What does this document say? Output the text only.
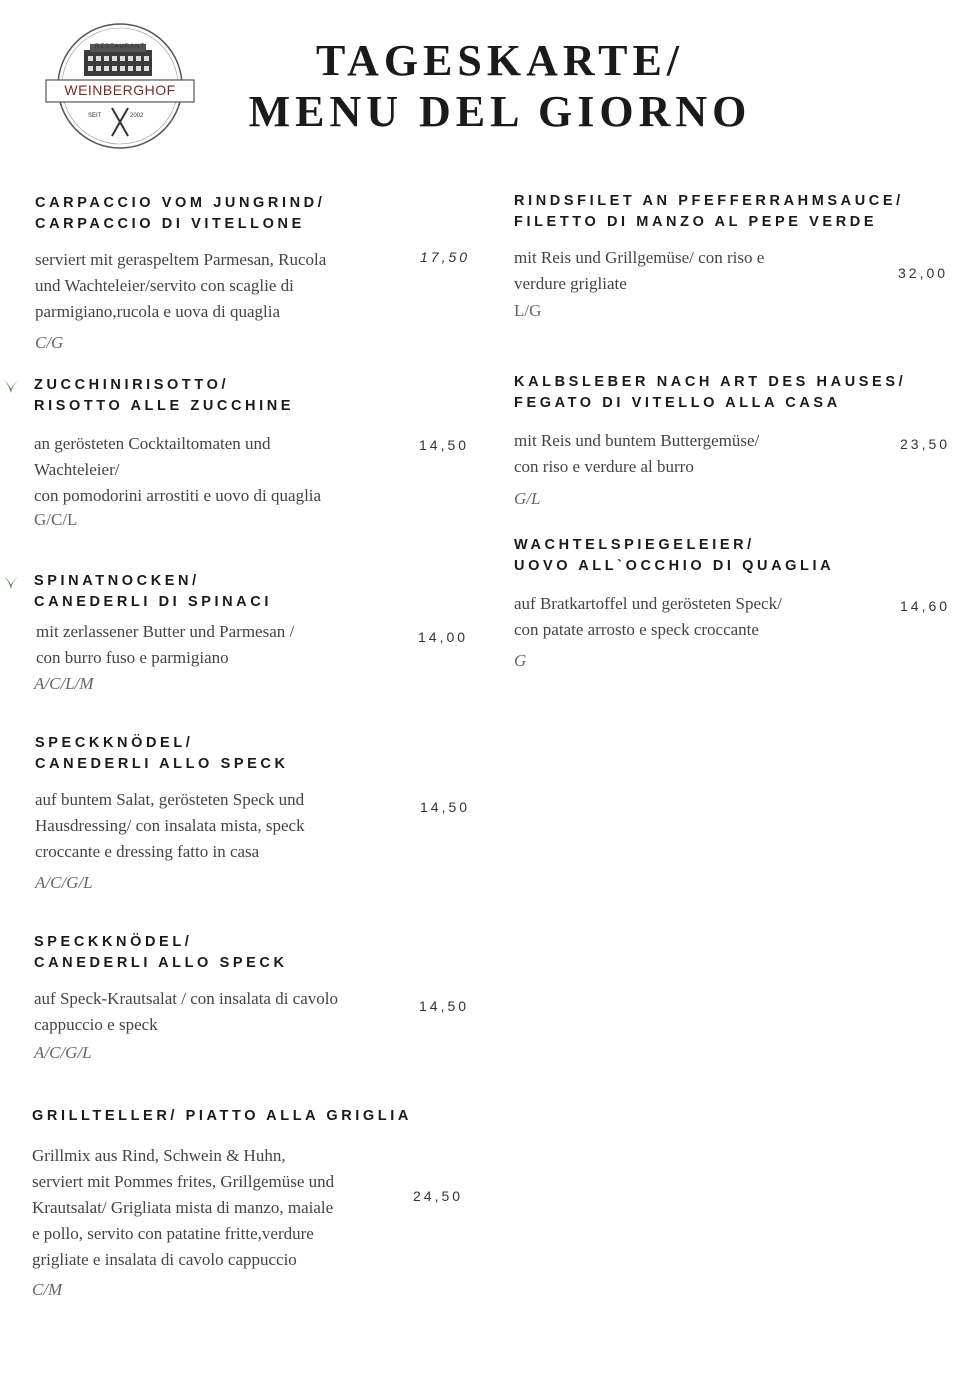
RESTAURANT
WEINBERGHOF
SEIT	2002
TAGESKARTE/
MENU DEL GIORNO
CARPACCIO VOM JUNGRIND/
CARPACCIO DI VITELLONE

serviert mit geraspeltem Parmesan, Rucola
und Wachteleier/servito con scaglie di
parmigiano,rucola e uova di quaglia

C/G
17,50
ZUCCHINIRISOTTO/
RISOTTO ALLE ZUCCHINE

an gerösteten Cocktailtomaten und
Wachteleier/
con pomodorini arrostiti e uovo di quaglia

G/C/L
14,50
SPINATNOCKEN/
CANEDERLI DI SPINACI

mit zerlassener Butter und Parmesan /
con burro fuso e parmigiano

A/C/L/M
14,00
SPECKKNÖDEL/
CANEDERLI ALLO SPECK

auf buntem Salat, gerösteten Speck und
Hausdressing/ con insalata mista, speck
croccante e dressing fatto in casa

A/C/G/L
14,50
SPECKKNÖDEL/
CANEDERLI ALLO SPECK

auf Speck-Krautsalat / con insalata di cavolo
cappuccio e speck

A/C/G/L
14,50
GRILLTELLER/ PIATTO ALLA GRIGLIA

Grillmix aus Rind, Schwein & Huhn,
serviert mit Pommes frites, Grillgemüse und
Krautsalat/ Grigliata mista di manzo, maiale
e pollo, servito con patatine fritte,verdure
grigliate e insalata di cavolo cappuccio

C/M
24,50
RINDSFILET AN PFEFFERRAHMSAUCE/
FILETTO DI MANZO AL PEPE VERDE

mit Reis und Grillgemüse/ con riso e
verdure grigliate

L/G
32,00
KALBSLEBER NACH ART DES HAUSES/
FEGATO DI VITELLO ALLA CASA

mit Reis und buntem Buttergemüse/
con riso e verdure al burro

G/L
23,50
WACHTELSPIEGELEIER/
UOVO ALL`OCCHIO DI QUAGLIA

auf Bratkartoffel und gerösteten Speck/
con patate arrosto e speck croccante

G
14,60
